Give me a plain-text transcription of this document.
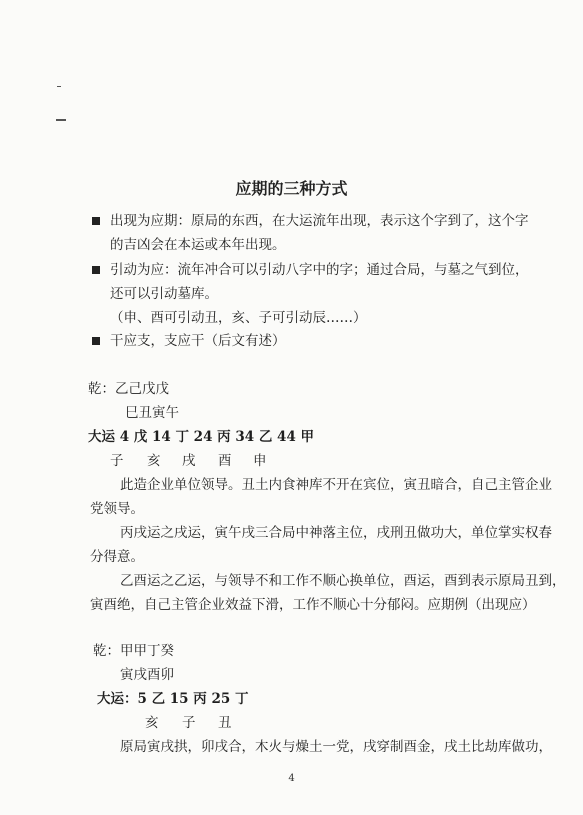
应期的三种方式
出现为应期：原局的东西，在大运流年出现，表示这个字到了，这个字
的吉凶会在本运或本年出现。
引动为应：流年冲合可以引动八字中的字；通过合局，与墓之气到位，
还可以引动墓库。
（申、酉可引动丑，亥、子可引动辰……）
干应支，支应干（后文有述）
乾：乙己戊戊
巳丑寅午
大运 4 戊 14 丁 24 丙 34 乙 44 甲
子 亥 戌 酉 申
此造企业单位领导。丑土内食神库不开在宾位，寅丑暗合，自己主管企业
党领导。
丙戌运之戌运，寅午戌三合局中神落主位，戌刑丑做功大，单位掌实权春
分得意。
乙酉运之乙运，与领导不和工作不顺心换单位，酉运，酉到表示原局丑到，
寅酉绝，自己主管企业效益下滑，工作不顺心十分郁闷。应期例（出现应）
乾：甲甲丁癸
寅戌酉卯
大运：5 乙 15 丙 25 丁
亥 子 丑
原局寅戌拱，卯戌合，木火与燥土一党，戌穿制酉金，戌土比劫库做功，
4
